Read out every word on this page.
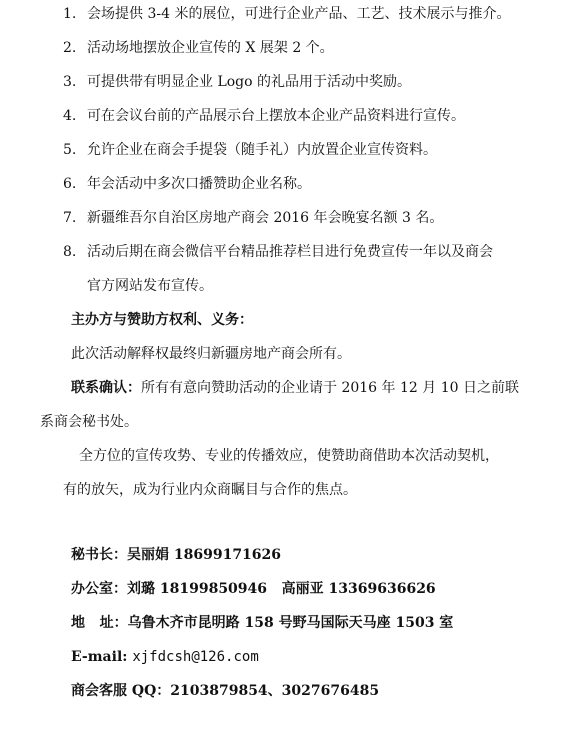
1. 会场提供 3-4 米的展位，可进行企业产品、工艺、技术展示与推介。
2. 活动场地摆放企业宣传的 X 展架 2 个。
3. 可提供带有明显企业 Logo 的礼品用于活动中奖励。
4. 可在会议台前的产品展示台上摆放本企业产品资料进行宣传。
5. 允许企业在商会手提袋（随手礼）内放置企业宣传资料。
6. 年会活动中多次口播赞助企业名称。
7. 新疆维吾尔自治区房地产商会 2016 年会晚宴名额 3 名。
8. 活动后期在商会微信平台精品推荐栏目进行免费宣传一年以及商会
官方网站发布宣传。
主办方与赞助方权利、义务：
此次活动解释权最终归新疆房地产商会所有。
联系确认：所有有意向赞助活动的企业请于 2016 年 12 月 10 日之前联
系商会秘书处。
全方位的宣传攻势、专业的传播效应，使赞助商借助本次活动契机，
有的放矢，成为行业内众商瞩目与合作的焦点。
秘书长：吴丽娟 18699171626
办公室：刘璐 18199850946   高丽亚 13369636626
地   址：乌鲁木齐市昆明路 158 号野马国际天马座 1503 室
E-mail: xjfdcsh@126.com
商会客服 QQ：2103879854、3027676485
